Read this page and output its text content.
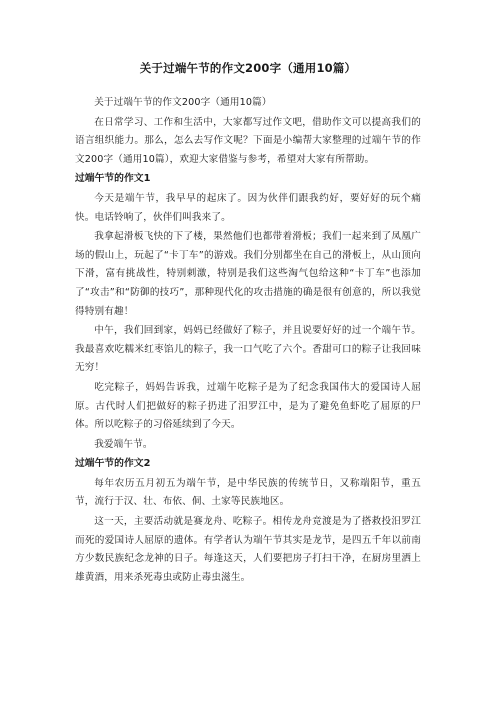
关于过端午节的作文200字（通用10篇）

关于过端午节的作文200字（通用10篇）

在日常学习、工作和生活中，大家都写过作文吧，借助作文可以提高我们的语言组织能力。那么，怎么去写作文呢？下面是小编帮大家整理的过端午节的作文200字（通用10篇），欢迎大家借鉴与参考，希望对大家有所帮助。

过端午节的作文1

今天是端午节，我早早的起床了。因为伙伴们跟我约好，要好好的玩个痛快。电话铃响了，伙伴们叫我来了。

我拿起滑板飞快的下了楼，果然他们也都带着滑板；我们一起来到了凤凰广场的假山上，玩起了“卡丁车”的游戏。我们分别都坐在自己的滑板上，从山顶向下滑，富有挑战性，特别刺激，特别是我们这些淘气包给这种“卡丁车”也添加了“攻击”和“防御的技巧”，那种现代化的攻击措施的确是很有创意的，所以我觉得特别有趣！

中午，我们回到家，妈妈已经做好了粽子，并且说要好好的过一个端午节。我最喜欢吃糯米红枣馅儿的粽子，我一口气吃了六个。香甜可口的粽子让我回味无穷！

吃完粽子，妈妈告诉我，过端午吃粽子是为了纪念我国伟大的爱国诗人屈原。古代时人们把做好的粽子扔进了汨罗江中，是为了避免鱼虾吃了屈原的尸体。所以吃粽子的习俗延续到了今天。

我爱端午节。

过端午节的作文2

每年农历五月初五为端午节，是中华民族的传统节日，又称端阳节，重五节，流行于汉、壮、布依、侗、土家等民族地区。

这一天，主要活动就是赛龙舟、吃粽子。相传龙舟竞渡是为了搭救投汨罗江而死的爱国诗人屈原的遗体。有学者认为端午节其实是龙节，是四五千年以前南方少数民族纪念龙神的日子。每逢这天，人们要把房子打扫干净，在厨房里洒上雄黄酒，用来杀死毒虫或防止毒虫滋生。
